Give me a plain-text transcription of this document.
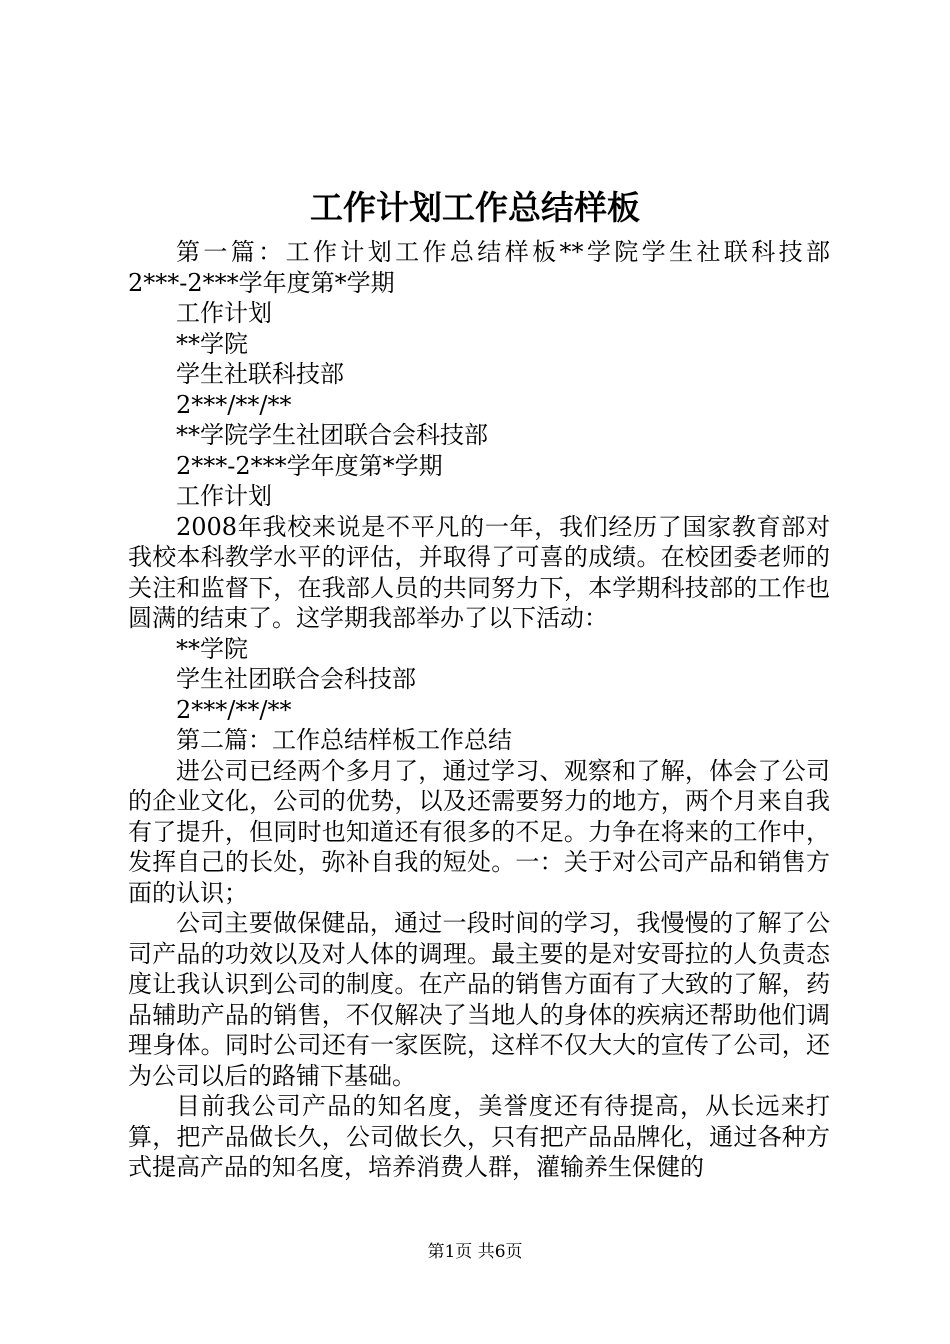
工作计划工作总结样板

第一篇：工作计划工作总结样板**学院学生社联科技部2***-2***学年度第*学期

工作计划

**学院

学生社联科技部

2***/**/**

**学院学生社团联合会科技部

2***-2***学年度第*学期

工作计划

2008年我校来说是不平凡的一年，我们经历了国家教育部对我校本科教学水平的评估，并取得了可喜的成绩。在校团委老师的关注和监督下，在我部人员的共同努力下，本学期科技部的工作也圆满的结束了。这学期我部举办了以下活动：

**学院

学生社团联合会科技部

2***/**/**

第二篇：工作总结样板工作总结

进公司已经两个多月了，通过学习、观察和了解，体会了公司的企业文化，公司的优势，以及还需要努力的地方，两个月来自我有了提升，但同时也知道还有很多的不足。力争在将来的工作中，发挥自己的长处，弥补自我的短处。一：关于对公司产品和销售方面的认识；

公司主要做保健品，通过一段时间的学习，我慢慢的了解了公司产品的功效以及对人体的调理。最主要的是对安哥拉的人负责态度让我认识到公司的制度。在产品的销售方面有了大致的了解，药品辅助产品的销售，不仅解决了当地人的身体的疾病还帮助他们调理身体。同时公司还有一家医院，这样不仅大大的宣传了公司，还为公司以后的路铺下基础。

目前我公司产品的知名度，美誉度还有待提高，从长远来打算，把产品做长久，公司做长久，只有把产品品牌化，通过各种方式提高产品的知名度，培养消费人群，灌输养生保健的

第1页 共6页
